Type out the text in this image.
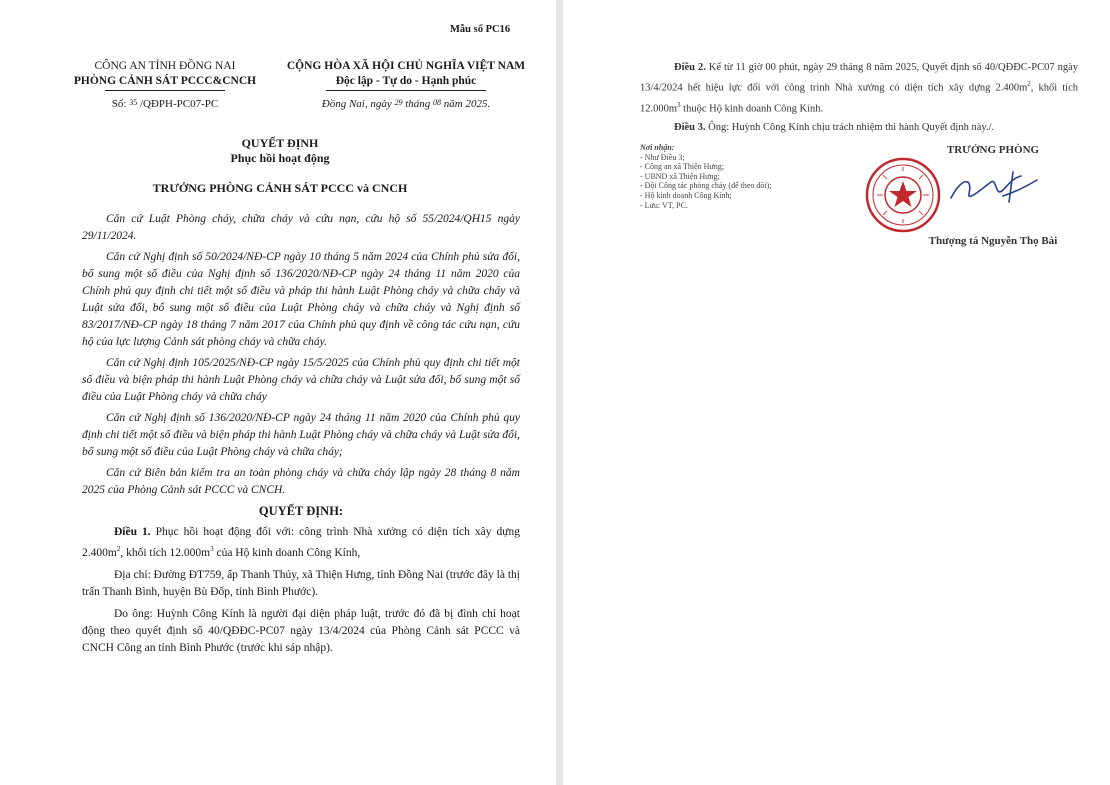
Mẫu số PC16
CÔNG AN TỈNH ĐỒNG NAI
PHÒNG CẢNH SÁT PCCC&CNCH
Số: 35 /QĐPH-PC07-PC
CỘNG HÒA XÃ HỘI CHỦ NGHĨA VIỆT NAM
Độc lập - Tự do - Hạnh phúc
Đồng Nai, ngày 29 tháng 08 năm 2025.
QUYẾT ĐỊNH
Phục hồi hoạt động
TRƯỞNG PHÒNG CẢNH SÁT PCCC và CNCH

Căn cứ Luật Phòng cháy, chữa cháy và cứu nạn, cứu hộ số 55/2024/QH15 ngày 29/11/2024.

Căn cứ Nghị định số 50/2024/NĐ-CP ngày 10 tháng 5 năm 2024 của Chính phủ sửa đổi, bổ sung một số điều của Nghị định số 136/2020/NĐ-CP ngày 24 tháng 11 năm 2020 của Chính phủ quy định chi tiết một số điều và pháp thi hành Luật Phòng cháy và chữa cháy và Luật sửa đổi, bổ sung một số điều của Luật Phòng cháy và chữa cháy và Nghị định số 83/2017/NĐ-CP ngày 18 tháng 7 năm 2017 của Chính phủ quy định về công tác cứu nạn, cứu hộ của lực lượng Cảnh sát phòng cháy và chữa cháy.

Căn cứ Nghị định 105/2025/NĐ-CP ngày 15/5/2025 của Chính phủ quy định chi tiết một số điều và biện pháp thi hành Luật Phòng cháy và chữa cháy và Luật sửa đổi, bổ sung một số điều của Luật Phòng cháy và chữa cháy

Căn cứ Nghị định số 136/2020/NĐ-CP ngày 24 tháng 11 năm 2020 của Chính phủ quy định chi tiết một số điều và biện pháp thi hành Luật Phòng cháy và chữa cháy và Luật sửa đổi, bổ sung một số điều của Luật Phòng cháy và chữa cháy;

Căn cứ Biên bản kiểm tra an toàn phòng cháy và chữa cháy lập ngày 28 tháng 8 năm 2025 của Phòng Cảnh sát PCCC và CNCH.

QUYẾT ĐỊNH:

Điều 1. Phục hồi hoạt động đối với: công trình Nhà xưởng có diện tích xây dựng $2.400m^2$, khối tích $12.000m^3$ của Hộ kinh doanh Công Kính,

Địa chỉ: Đường ĐT759, ấp Thanh Thủy, xã Thiện Hưng, tỉnh Đồng Nai (trước đây là thị trấn Thanh Bình, huyện Bù Đốp, tỉnh Bình Phước).

Do ông: Huỳnh Công Kính là người đại diện pháp luật, trước đó đã bị đình chỉ hoạt động theo quyết định số 40/QĐĐC-PC07 ngày 13/4/2024 của Phòng Cảnh sát PCCC và CNCH Công an tỉnh Bình Phước (trước khi sáp nhập).

Điều 2. Kể từ 11 giờ 00 phút, ngày 29 tháng 8 năm 2025, Quyết định số 40/QĐĐC-PC07 ngày 13/4/2024 hết hiệu lực đối với công trình Nhà xưởng có diện tích xây dựng $2.400m^2$, khối tích $12.000m^3$ thuộc Hộ kinh doanh Công Kính.

Điều 3. Ông: Huỳnh Công Kính chịu trách nhiệm thi hành Quyết định này./.

Nơi nhận:
- Như Điều 3;
- Công an xã Thiện Hưng;
- UBND xã Thiện Hưng;
- Đội Công tác phòng cháy (để theo dõi);
- Hộ kinh doanh Công Kính;
- Lưu: VT, PC.
TRƯỞNG PHÒNG
Thượng tá Nguyễn Thọ Bài
